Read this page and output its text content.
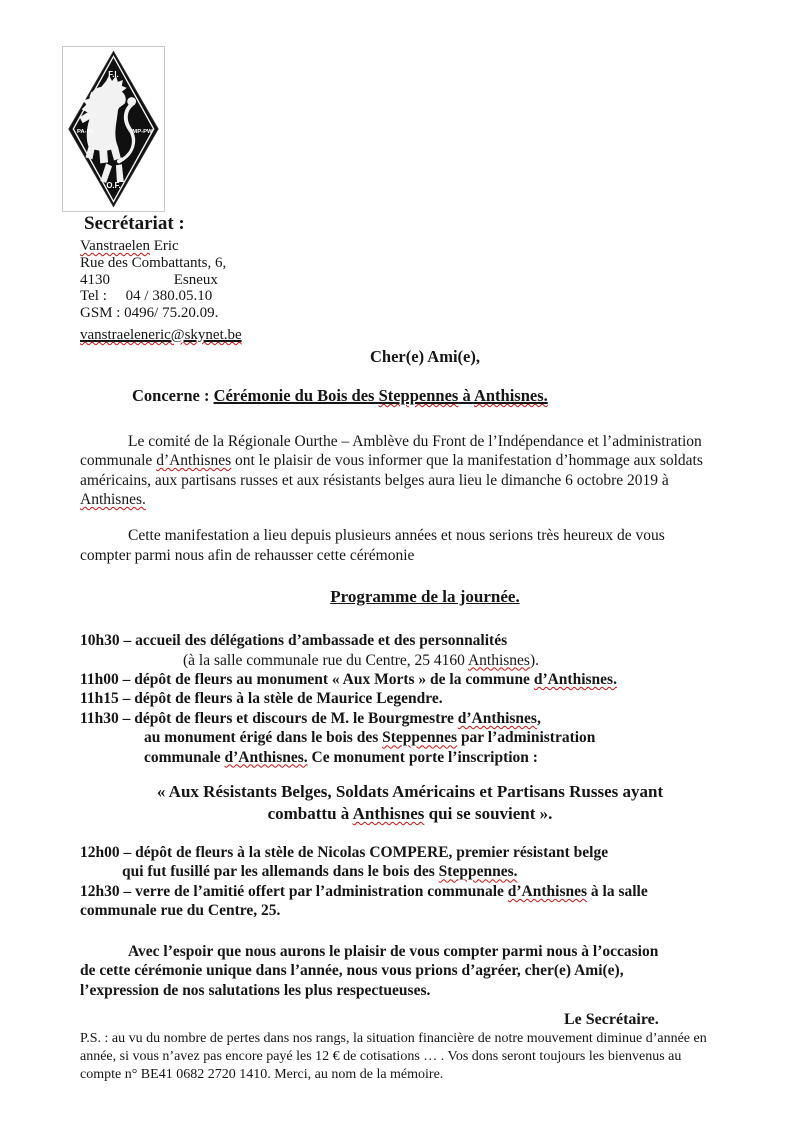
F.I.
PA-PL	MP-PW
O.F.
Secrétariat :
Vanstraelen Eric
Rue des Combattants, 6,
4130                 Esneux
Tel :     04 / 380.05.10
GSM : 0496/ 75.20.09.
vanstraeleneric@skynet.be
Cher(e) Ami(e),
Concerne : Cérémonie du Bois des Steppennes à Anthisnes.
Le comité de la Régionale Ourthe – Amblève du Front de l’Indépendance et l’administration
communale d’Anthisnes ont le plaisir de vous informer que la manifestation d’hommage aux soldats
américains, aux partisans russes et aux résistants belges aura lieu le dimanche 6 octobre 2019 à
Anthisnes.
Cette manifestation a lieu depuis plusieurs années et nous serions très heureux de vous
compter parmi nous afin de rehausser cette cérémonie
Programme de la journée.
10h30 – accueil des délégations d’ambassade et des personnalités
(à la salle communale rue du Centre, 25 4160 Anthisnes).
11h00 – dépôt de fleurs au monument « Aux Morts » de la commune d’Anthisnes.
11h15 – dépôt de fleurs à la stèle de Maurice Legendre.
11h30 – dépôt de fleurs et discours de M. le Bourgmestre d’Anthisnes,
au monument érigé dans le bois des Steppennes par l’administration
communale d’Anthisnes. Ce monument porte l’inscription :
« Aux Résistants Belges, Soldats Américains et Partisans Russes ayant
combattu à Anthisnes qui se souvient ».
12h00 – dépôt de fleurs à la stèle de Nicolas COMPERE, premier résistant belge
qui fut fusillé par les allemands dans le bois des Steppennes.
12h30 – verre de l’amitié offert par l’administration communale d’Anthisnes à la salle
communale rue du Centre, 25.
Avec l’espoir que nous aurons le plaisir de vous compter parmi nous à l’occasion
de cette cérémonie unique dans l’année, nous vous prions d’agréer, cher(e) Ami(e),
l’expression de nos salutations les plus respectueuses.
Le Secrétaire.
P.S. : au vu du nombre de pertes dans nos rangs, la situation financière de notre mouvement diminue d’année en
année, si vous n’avez pas encore payé les 12 € de cotisations … . Vos dons seront toujours les bienvenus au
compte n° BE41 0682 2720 1410. Merci, au nom de la mémoire.
